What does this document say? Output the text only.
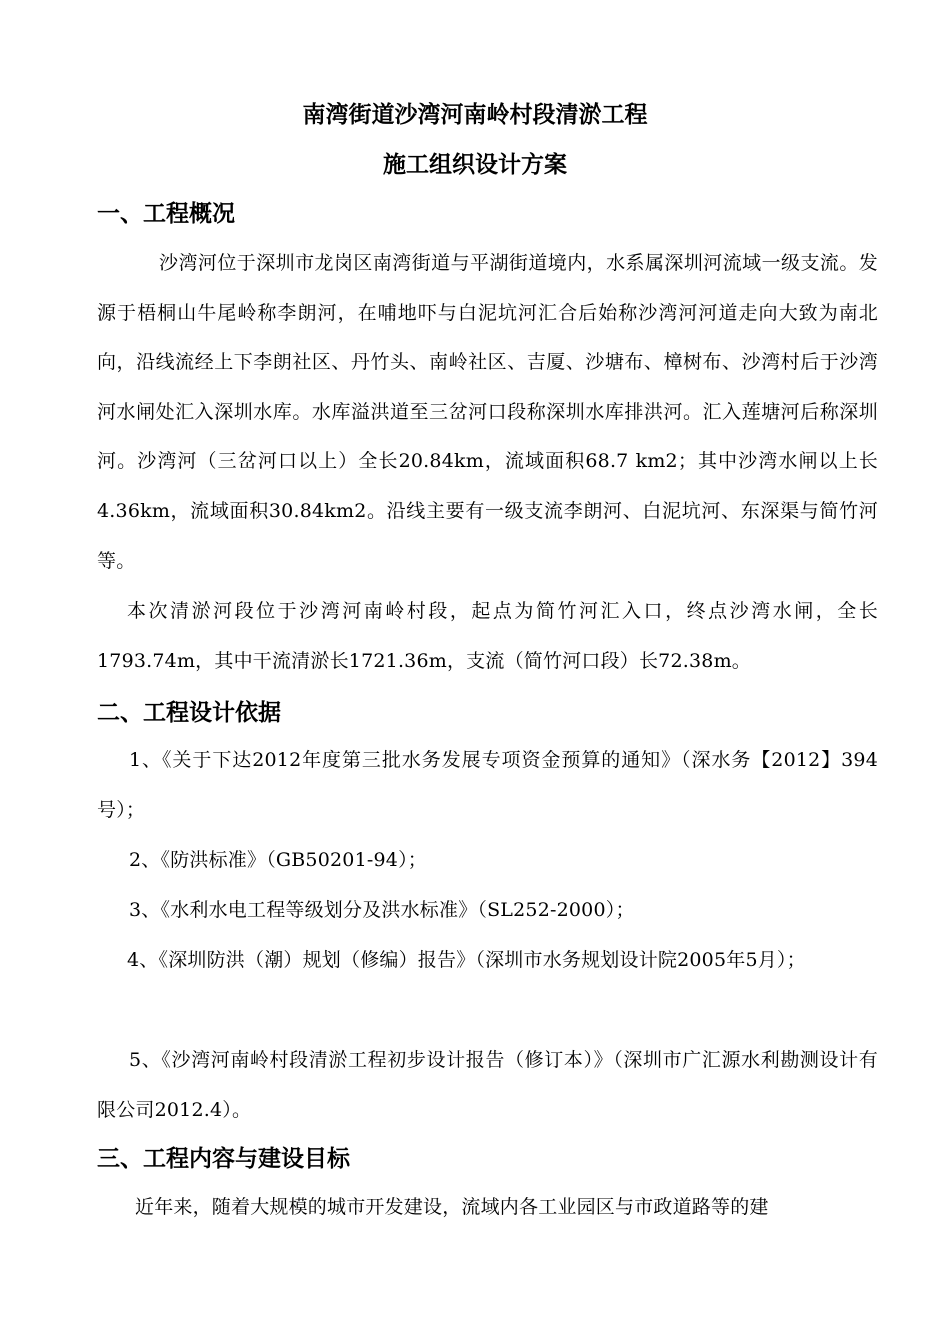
南湾街道沙湾河南岭村段清淤工程
施工组织设计方案
一、工程概况
沙湾河位于深圳市龙岗区南湾街道与平湖街道境内，水系属深圳河流域一级支流。发源于梧桐山牛尾岭称李朗河，在哺地吓与白泥坑河汇合后始称沙湾河河道走向大致为南北向，沿线流经上下李朗社区、丹竹头、南岭社区、吉厦、沙塘布、樟树布、沙湾村后于沙湾河水闸处汇入深圳水库。水库溢洪道至三岔河口段称深圳水库排洪河。汇入莲塘河后称深圳河。沙湾河（三岔河口以上）全长20.84km，流域面积68.7 km2；其中沙湾水闸以上长4.36km，流域面积30.84km2。沿线主要有一级支流李朗河、白泥坑河、东深渠与简竹河等。
本次清淤河段位于沙湾河南岭村段，起点为简竹河汇入口，终点沙湾水闸，全长1793.74m，其中干流清淤长1721.36m，支流（简竹河口段）长72.38m。
二、工程设计依据
1、《关于下达2012年度第三批水务发展专项资金预算的通知》（深水务【2012】394号）；
2、《防洪标准》（GB50201-94）；
3、《水利水电工程等级划分及洪水标准》（SL252-2000）；
4、《深圳防洪（潮）规划（修编）报告》（深圳市水务规划设计院2005年5月）；
5、《沙湾河南岭村段清淤工程初步设计报告（修订本）》（深圳市广汇源水利勘测设计有限公司2012.4）。
三、工程内容与建设目标
近年来，随着大规模的城市开发建设，流域内各工业园区与市政道路等的建
